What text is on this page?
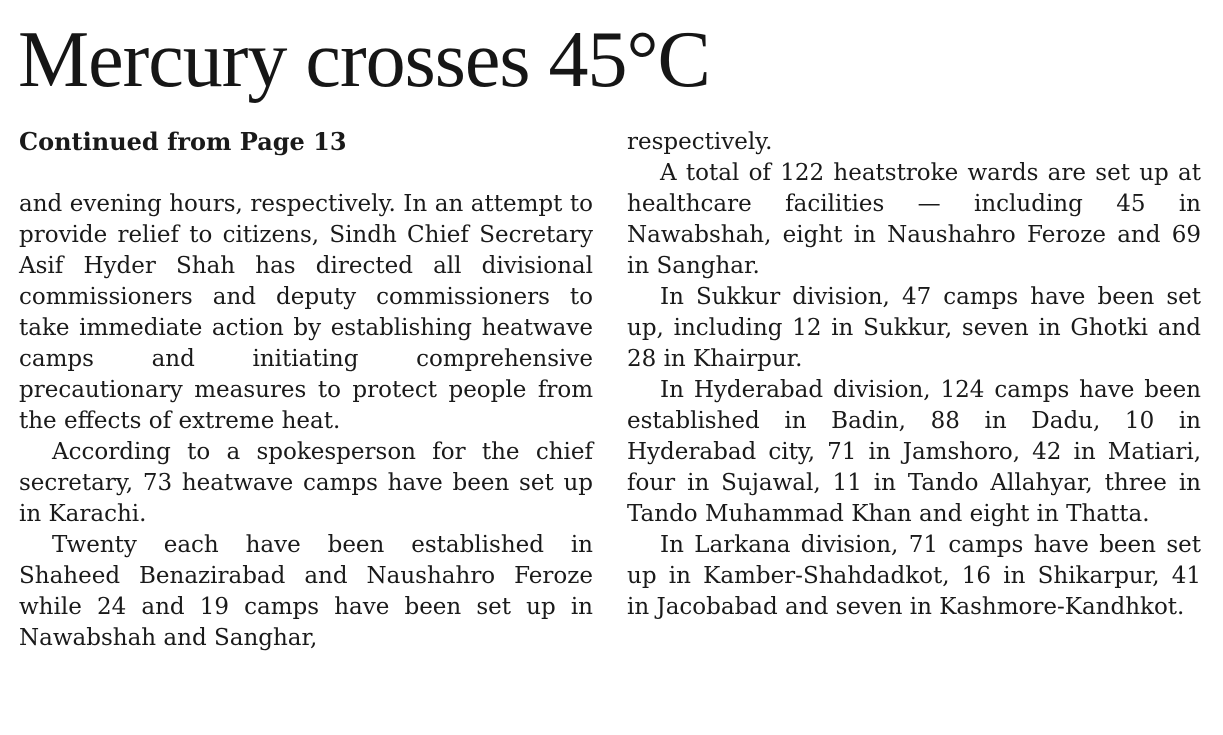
Mercury crosses 45°C
Continued from Page 13

and evening hours, respectively. In an attempt to provide relief to citizens, Sindh Chief Secretary Asif Hyder Shah has directed all divisional commissioners and deputy commissioners to take immediate action by establishing heatwave camps and initiating comprehensive precautionary measures to protect people from the effects of extreme heat.

According to a spokesperson for the chief secretary, 73 heatwave camps have been set up in Karachi.

Twenty each have been established in Shaheed Benazirabad and Naushahro Feroze while 24 and 19 camps have been set up in Nawabshah and Sanghar,

respectively.

A total of 122 heatstroke wards are set up at healthcare facilities — including 45 in Nawabshah, eight in Naushahro Feroze and 69 in Sanghar.

In Sukkur division, 47 camps have been set up, including 12 in Sukkur, seven in Ghotki and 28 in Khairpur.

In Hyderabad division, 124 camps have been established in Badin, 88 in Dadu, 10 in Hyderabad city, 71 in Jamshoro, 42 in Matiari, four in Sujawal, 11 in Tando Allahyar, three in Tando Muhammad Khan and eight in Thatta.

In Larkana division, 71 camps have been set up in Kamber-Shahdadkot, 16 in Shikarpur, 41 in Jacobabad and seven in Kashmore-Kandhkot.
